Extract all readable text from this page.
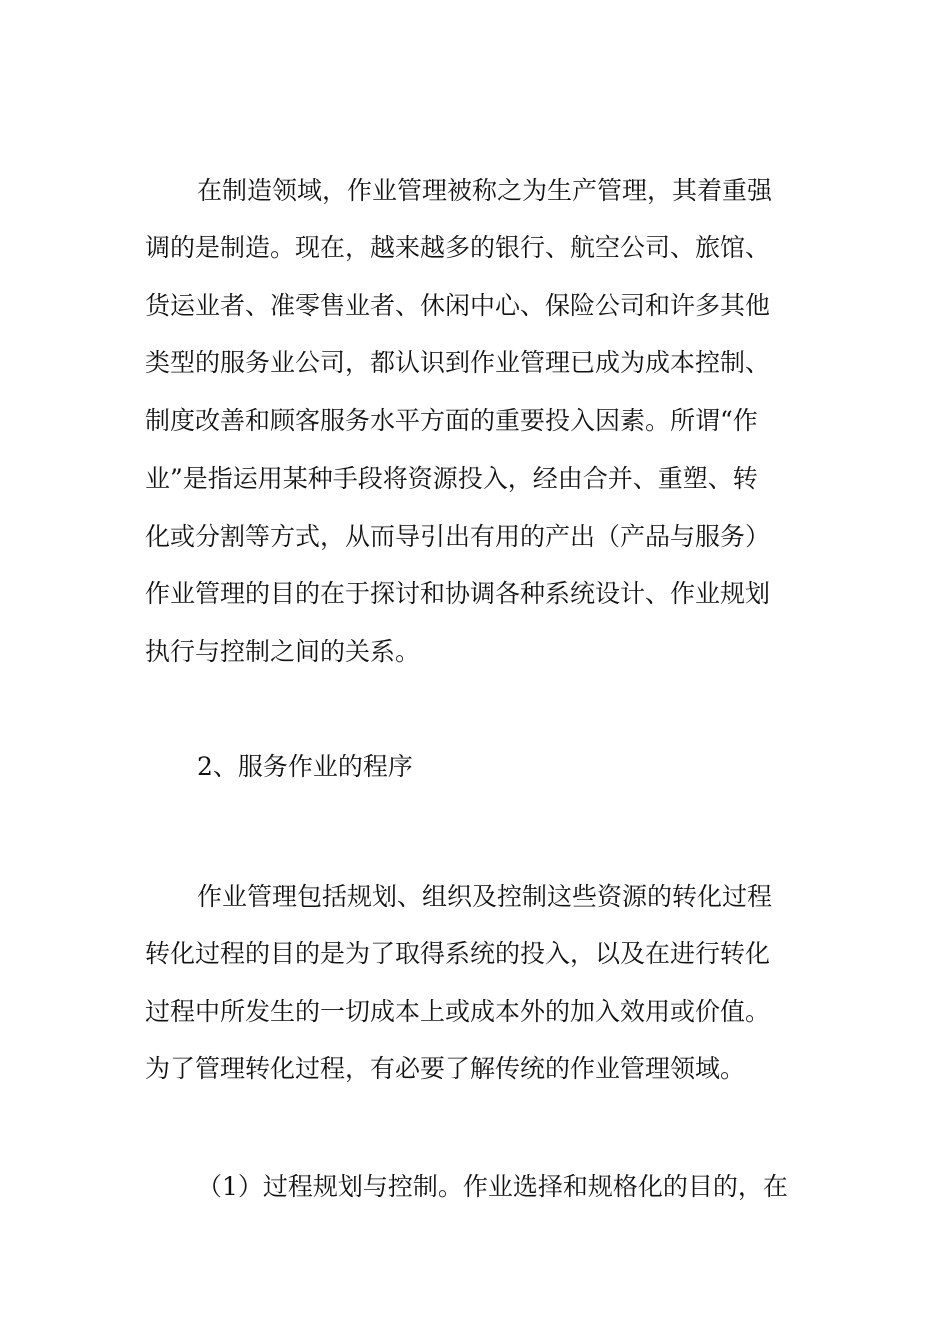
在制造领域，作业管理被称之为生产管理，其着重强
调的是制造。现在，越来越多的银行、航空公司、旅馆、
货运业者、准零售业者、休闲中心、保险公司和许多其他
类型的服务业公司，都认识到作业管理已成为成本控制、
制度改善和顾客服务水平方面的重要投入因素。所谓“作
业”是指运用某种手段将资源投入，经由合并、重塑、转
化或分割等方式，从而导引出有用的产出（产品与服务）
作业管理的目的在于探讨和协调各种系统设计、作业规划
执行与控制之间的关系。
2、服务作业的程序
作业管理包括规划、组织及控制这些资源的转化过程
转化过程的目的是为了取得系统的投入，以及在进行转化
过程中所发生的一切成本上或成本外的加入效用或价值。
为了管理转化过程，有必要了解传统的作业管理领域。
（1）过程规划与控制。作业选择和规格化的目的，在
